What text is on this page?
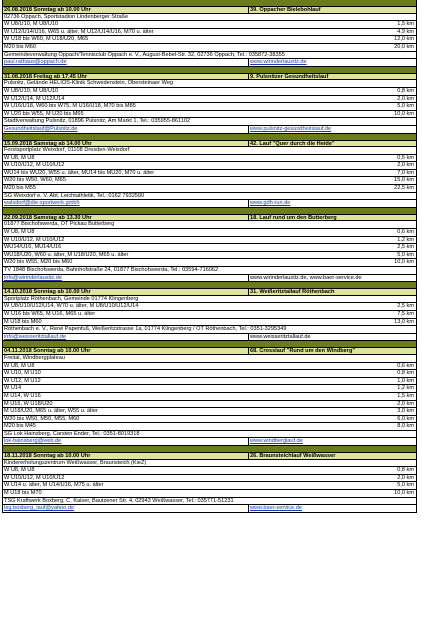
26.08.2018 Sonntag ab 10.00 Uhr	39. Oppacher Bielebohlauf
02736 Oppach, Sportstadion Lindenberger Straße
W U8/U10, M U8/U10	1,5 km
W U12/U14/U16, W65 u. älter, M U12/U14/U16, M70 u. älter	4,9 km
W U18 bis W60, M U18/U20, M65	12,0 km
M20 bis M60	20,0 km
Gemeindeverwaltung Oppach/Tennisclub Oppach e. V., August-Bebel-Str. 32, 02736 Oppach, Tel.: 035872-38355
paul.rathaus@oppach.de	www.wirinderlausitz.de
31.08.2018 Freitag ab 17.45 Uhr	9. Pulsnitzer Gesundheitslauf
Pulsnitz, Gelände HELIOS-Klinik Schwedenstein, Obersteinaer Weg
W U8/U10, M U8/U10	0,8 km
W U12/U14, M U12/U14	2,0 km
W U16/U18, W60 bis W75, M U16/U18, M70 bis M85	5,0 km
W U20 bis W55, M U20 bis M65	10,0 km
Stadtverwaltung Pulsnitz, 01896 Pulsnitz, Am Markt 1, Tel.: 035955-861102
Gesundheitslauf@Pulsnitz.de	www.pulsnitz-gesundheitslauf.de
15.09.2018 Samstag ab 14.00 Uhr	42. Lauf "Quer durch die Heide"
Forstsportplatz Weixdorf, 01108 Dresden-Weixdorf
W U8, M U8	0,5 km
W U10/U12, M U10/U12	2,0 km
WU14 bis WU20, W55 u. älter, MU14 bis MU20, M70 u. älter	7,0 km
W20 bis W50, W60, M65	15,0 km
M20 bis M55	22,5 km
SG Weixdorf e. V. Abt. Leichtathletik, Tel.: 0162 7932500
walsdorf@die-sportwerk.gmbh	www.gdh-run.de
22.09.2018 Samstag ab 13.30 Uhr	18. Lauf rund um den Butterberg
01877 Bischofswerda, OT Pickau Butterberg
W U8, M U8	0,6 km
W U10/U12, M U10/U12	1,2 km
WU14/U16, MU14/U16	2,5 km
WU18/U20, W60 u. älter, M U18/U20, M65 u. älter	5,0 km
W20 bis W55, M20 bis M60	10,0 km
TV 1848 Bischofswerda, Bahnhofstraße 24, 01877 Bischofswerda, Tel.: 03594-716062
info@wirinderlausitz.de	www.wirinderlausitz.de, www.baer-service.de
14.10.2018 Sonntag ab 10.00 Uhr	31. Weißeritztallauf Röthenbach
Sportplatz Röthenbach, Gemeinde 01774 Klingenberg
W U8/U10/U12/U14, W70 u. älter, M U8/U10/U12/U14	2,5 km
W U16 bis W65, M U16, M65 u. älter	7,5 km
M U18 bis M60	13,0 km
Röthenbach e. V., René Papenfuß, Weißeritzstrasse 1a, 01774 Klingenberg / OT Röthenbach, Tel.: 0351-3295349
info@weisseritztallauf.de	www.weisseritztallauf.de
04.11.2018 Sonntag ab 10.00 Uhr	68. Crosslauf "Rund um den Windberg"
Freital, Windbergplateau
W U8, M U8	0,6 km
W U10, M U10	0,8 km
W U12, M U12	1,0 km
W U14	1,2 km
M U14, W U16	1,5 km
M U16, W U18/U20	2,0 km
M U18/U20, M65 u. älter, W55 u. älter	3,0 km
W20 bis W50, M50, M55, M60	6,0 km
M20 bis M45	8,0 km
SG Lok Hainsberg, Carsten Ender, Tel.: 0351-8019318
lok-hainsberg@web.de	www.windberglauf.de
18.11.2018 Sonntag ab 10.00 Uhr	26. Braunsteichlauf Weißwasser
Kindererholungszentrum Weißwasser, Braunsteich (KieZ)
W U8, M U8	0,8 km
W U10/U12, M U10/U12	2,0 km
W U14 u. älter, M U14/U16, M75 u. älter	5,0 km
M U18 bis M70	10,0 km
TSG Kraftwerk Boxberg, C. Kaiser, Bautzener Str. 4, 02943 Weißwasser, Tel.: 035771-51231
tsg.boxberg_lauf@yahoo.de	www.baer-service.de
